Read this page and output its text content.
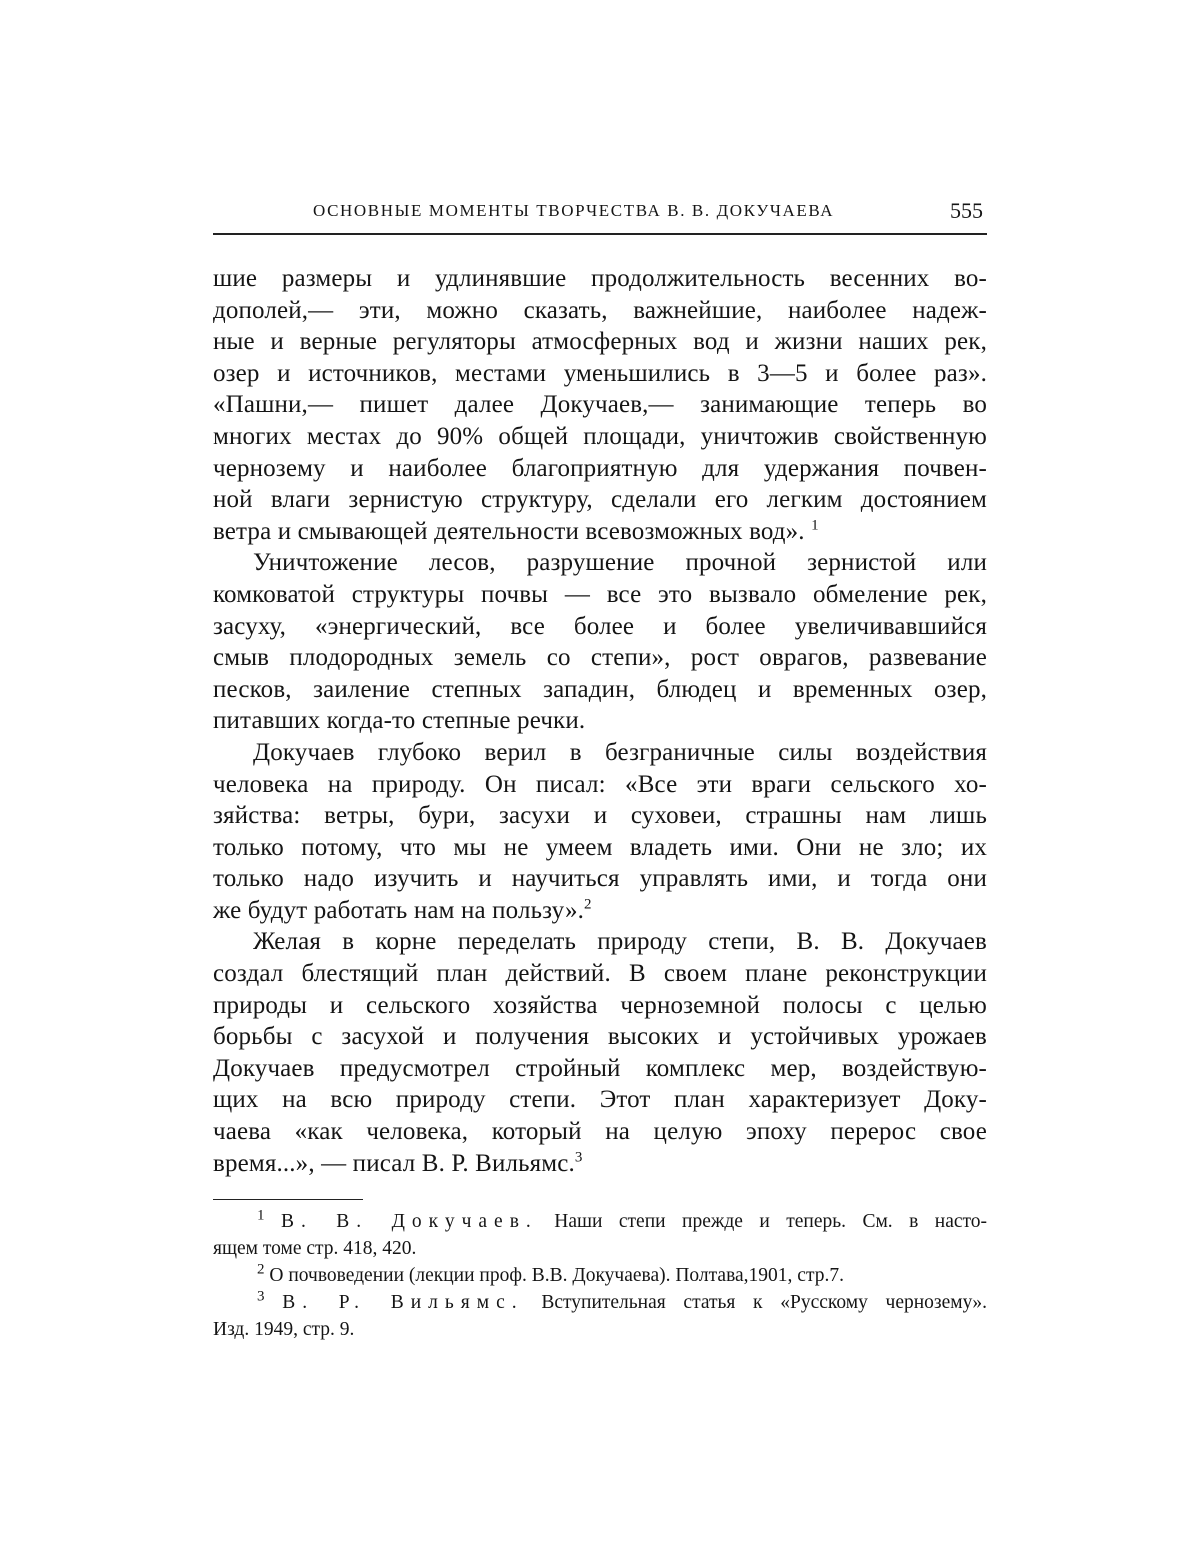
ОСНОВНЫЕ МОМЕНТЫ ТВОРЧЕСТВА В. В. ДОКУЧАЕВА	555

шие размеры и удлинявшие продолжительность весенних во-
дополей,— эти, можно сказать, важнейшие, наиболее надеж-
ные и верные регуляторы атмосферных вод и жизни наших рек,
озер и источников, местами уменьшились в 3—5 и более раз».
«Пашни,— пишет далее Докучаев,— занимающие теперь во
многих местах до 90% общей площади, уничтожив свойственную
чернозему и наиболее благоприятную для удержания почвен-
ной влаги зернистую структуру, сделали его легким достоянием
ветра и смывающей деятельности всевозможных вод». $^1$

Уничтожение лесов, разрушение прочной зернистой или
комковатой структуры почвы — все это вызвало обмеление рек,
засуху, «энергический, все более и более увеличивавшийся
смыв плодородных земель со степи», рост оврагов, развевание
песков, заиление степных западин, блюдец и временных озер,
питавших когда-то степные речки.

Докучаев глубоко верил в безграничные силы воздействия
человека на природу. Он писал: «Все эти враги сельского хо-
зяйства: ветры, бури, засухи и суховеи, страшны нам лишь
только потому, что мы не умеем владеть ими. Они не зло; их
только надо изучить и научиться управлять ими, и тогда они
же будут работать нам на пользу».$^2$

Желая в корне переделать природу степи, В. В. Докучаев
создал блестящий план действий. В своем плане реконструкции
природы и сельского хозяйства черноземной полосы с целью
борьбы с засухой и получения высоких и устойчивых урожаев
Докучаев предусмотрел стройный комплекс мер, воздействую-
щих на всю природу степи. Этот план характеризует Доку-
чаева «как человека, который на целую эпоху перерос свое
время...», — писал В. Р. Вильямс.$^3$

$^1$ В. В. Докучаев. Наши степи прежде и теперь. См. в насто-
ящем томе стр. 418, 420.
$^2$ О почвоведении (лекции проф. В.В. Докучаева). Полтава,1901, стр.7.
$^3$ В. Р. Вильямс. Вступительная статья к «Русскому черноземy».
Изд. 1949, стр. 9.
